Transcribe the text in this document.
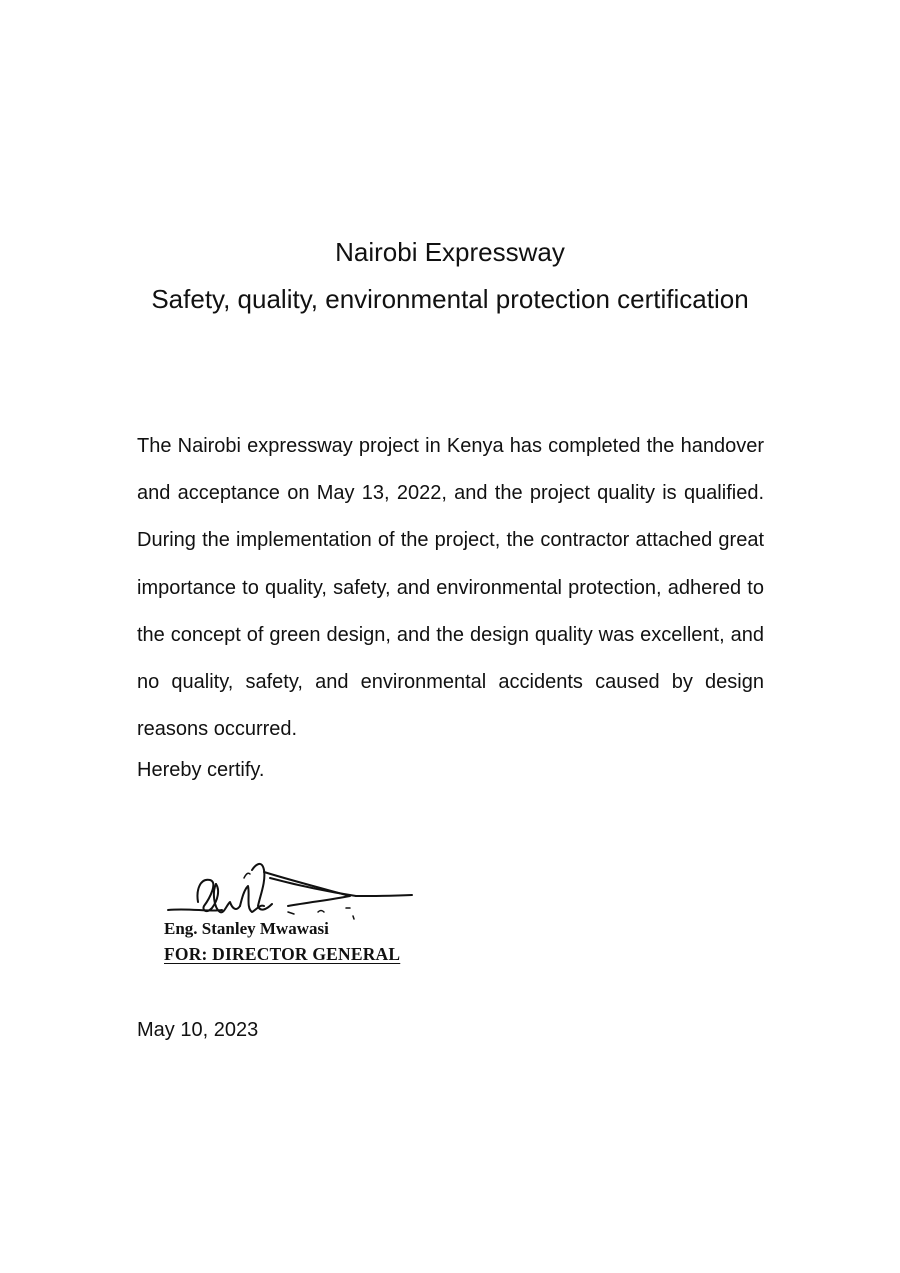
Nairobi Expressway
Safety, quality, environmental protection certification

The Nairobi expressway project in Kenya has completed the handover and acceptance on May 13, 2022, and the project quality is qualified. During the implementation of the project, the contractor attached great importance to quality, safety, and environmental protection, adhered to the concept of green design, and the design quality was excellent, and no quality, safety, and environmental accidents caused by design reasons occurred.

Hereby certify.

Eng. Stanley Mwawasi
FOR: DIRECTOR GENERAL
May 10, 2023
